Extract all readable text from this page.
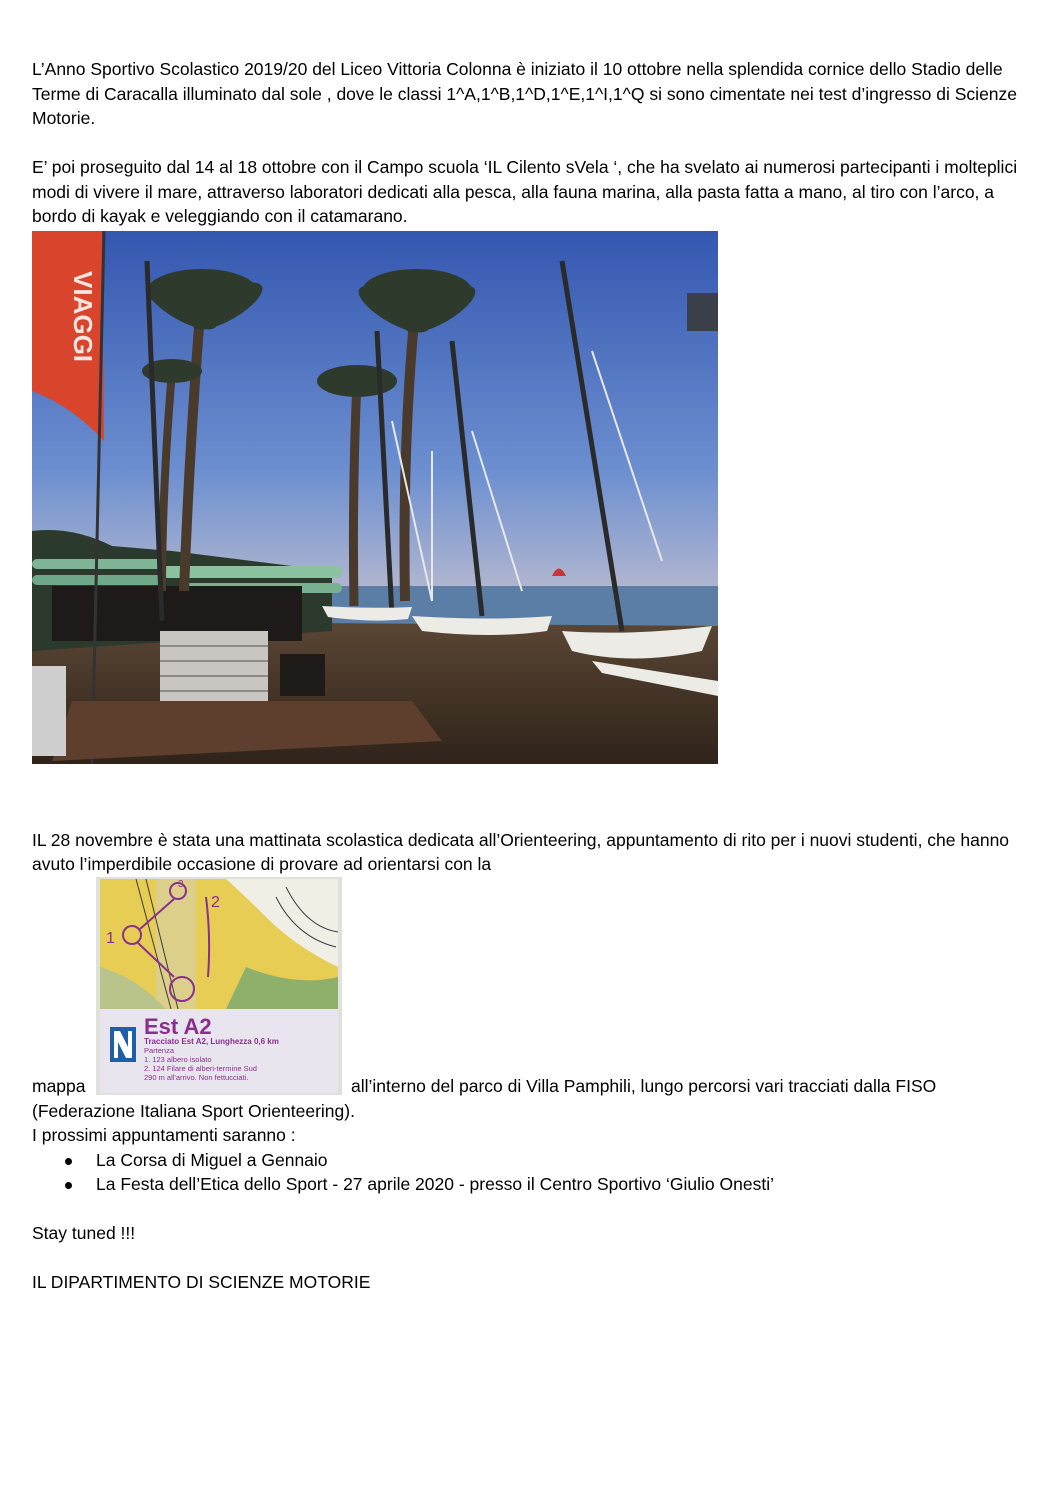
L’Anno Sportivo Scolastico 2019/20 del Liceo Vittoria Colonna è iniziato il 10 ottobre nella splendida cornice dello Stadio delle Terme di Caracalla illuminato dal sole , dove le classi 1^A,1^B,1^D,1^E,1^I,1^Q si sono cimentate nei test d’ingresso di Scienze Motorie.

E’ poi proseguito dal 14 al 18 ottobre con il Campo scuola ‘IL Cilento sVela ‘, che ha svelato ai numerosi partecipanti i molteplici modi di vivere il mare, attraverso laboratori dedicati alla pesca, alla fauna marina, alla pasta fatta a mano, al tiro con l’arco, a bordo di kayak e veleggiando con il catamarano.

VIAGGI

IL 28 novembre è stata una mattinata scolastica dedicata all’Orienteering, appuntamento di rito per i nuovi studenti, che hanno avuto l’imperdibile occasione di provare ad orientarsi con la

2
1
3
Est A2
Tracciato Est A2, Lunghezza 0,6 km
Partenza
1. 123 albero isolato
2. 124 Filare di alberi-termine Sud
290 m all'arrivo. Non fettucciati.
mappa	all’interno del parco di Villa Pamphili, lungo percorsi vari tracciati dalla FISO

(Federazione Italiana Sport Orienteering).

I prossimi appuntamenti saranno :

La Corsa di Miguel a Gennaio
La Festa dell’Etica dello Sport - 27 aprile 2020 - presso il Centro Sportivo ‘Giulio Onesti’

Stay tuned !!!

IL DIPARTIMENTO DI SCIENZE MOTORIE
